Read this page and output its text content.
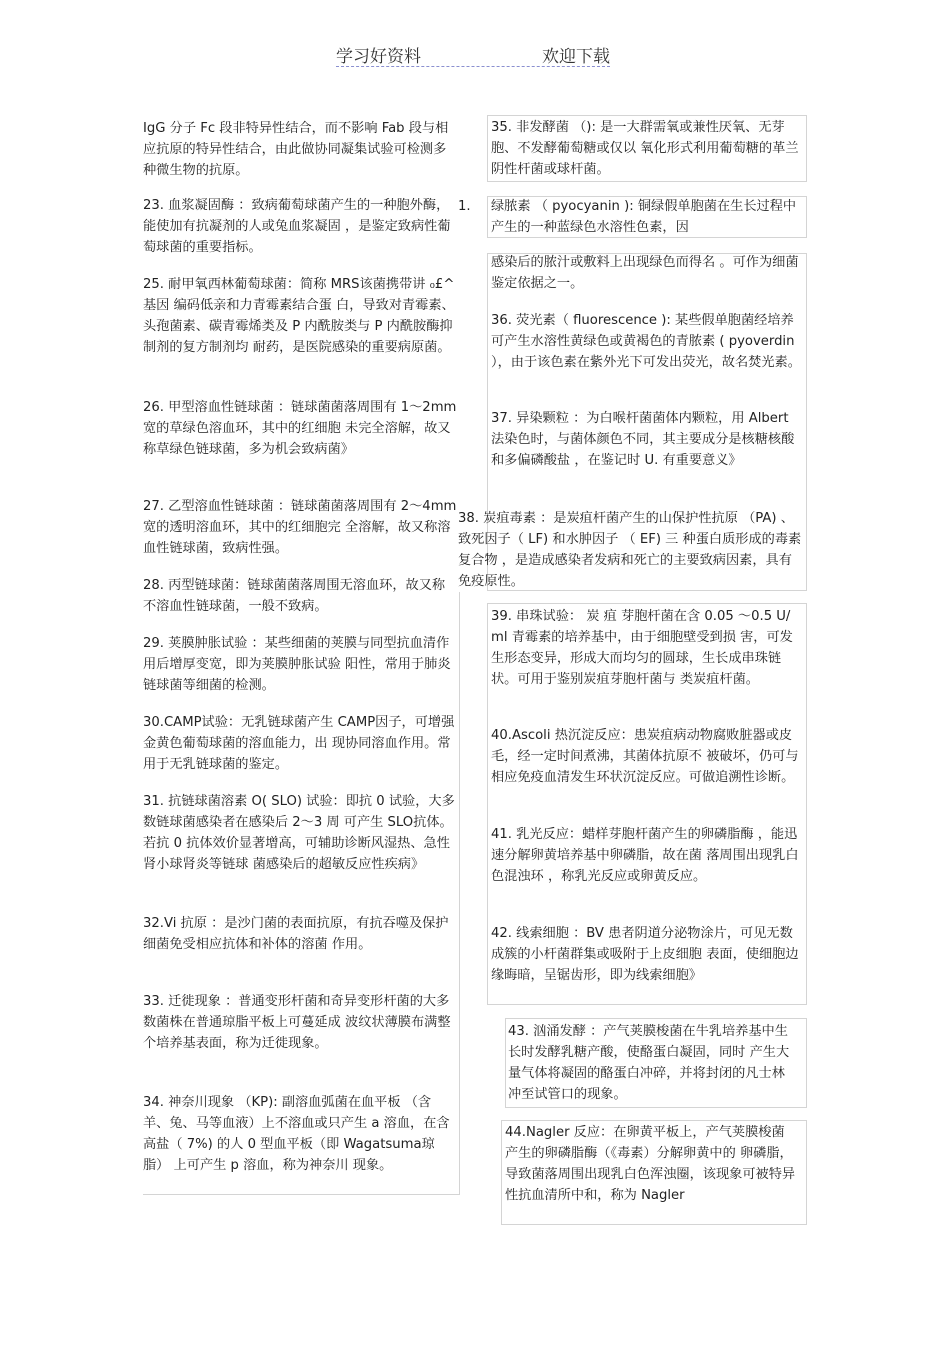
学习好资料	欢迎下载
IgG 分子 Fc 段非特异性结合，而不影响 Fab 段与相应抗原的特异性结合，由此做协同凝集试验可检测多种微生物的抗原。
23. 血浆凝固酶 ：致病葡萄球菌产生的一种胞外酶，能使加有抗凝剂的人或兔血浆凝固 ，是鉴定致病性葡萄球菌的重要指标。
25. 耐甲氧西林葡萄球菌：简称 MRS该菌携带讲 ₀£^基因 编码低亲和力青霉素结合蛋 白，导致对青霉素、头孢菌素、碳青霉烯类及 P 内酰胺类与 P 内酰胺酶抑制剂的复方制剂均 耐药，是医院感染的重要病原菌。
26. 甲型溶血性链球菌 ：链球菌菌落周围有 1～2mm宽的草绿色溶血环，其中的红细胞 未完全溶解，故又称草绿色链球菌，多为机会致病菌》
27. 乙型溶血性链球菌 ：链球菌菌落周围有 2～4mm宽的透明溶血环，其中的红细胞完 全溶解，故又称溶血性链球菌，致病性强。
28. 丙型链球菌：链球菌菌落周围无溶血环，故又称不溶血性链球菌，一般不致病。
29. 荚膜肿胀试验 ：某些细菌的荚膜与同型抗血清作用后增厚变宽，即为荚膜肿胀试验 阳性，常用于肺炎链球菌等细菌的检测。
30.CAMP试验：无乳链球菌产生 CAMP因子，可增强金黄色葡萄球菌的溶血能力，出 现协同溶血作用。常用于无乳链球菌的鉴定。
31. 抗链球菌溶素 O( SLO) 试验：即抗 0 试验，大多数链球菌感染者在感染后 2～3 周 可产生 SLO抗体。若抗 0 抗体效价显著增高，可辅助诊断风湿热、急性肾小球肾炎等链球 菌感染后的超敏反应性疾病》
32.Vi 抗原 ：是沙门菌的表面抗原，有抗吞噬及保护细菌免受相应抗体和补体的溶菌 作用。
33. 迁徙现象 ：普通变形杆菌和奇异变形杆菌的大多数菌株在普通琼脂平板上可蔓延成 波纹状薄膜布满整个培养基表面，称为迁徙现象。
34. 神奈川现象 （KP): 副溶血弧菌在血平板 （含羊、兔、马等血液）上不溶血或只产生 a 溶血，在含高盐（ 7%) 的人 0 型血平板（即 Wagatsuma琼脂） 上可产生 p 溶血，称为神奈川 现象。
35. 非发酵菌 （): 是一大群需氧或兼性厌氧、无芽胞、不发酵葡萄糖或仅以 氧化形式利用葡萄糖的革兰阴性杆菌或球杆菌。
1. 绿脓素 （ pyocyanin ): 铜绿假单胞菌在生长过程中产生的一种蓝绿色水溶性色素，因
感染后的脓汁或敷料上出现绿色而得名 。可作为细菌鉴定依据之一。
36. 荧光素（ fluorescence ): 某些假单胞菌经培养可产生水溶性黄绿色或黄褐色的青脓素 ( pyoverdin ），由于该色素在紫外光下可发出荧光，故名焚光素。
37. 异染颗粒 ：为白喉杆菌菌体内颗粒，用 Albert 法染色时，与菌体颜色不同，其主要成分是核糖核酸和多偏磷酸盐 ，在鉴记时 U. 有重要意义》
38. 炭疽毒素 ：是炭疽杆菌产生的山保护性抗原 （PA) 、致死因子（ LF) 和水肿因子 （ EF) 三 种蛋白质形成的毒素复合物 ，是造成感染者发病和死亡的主要致病因素，具有免疫原性。
39. 串珠试验： 炭 疽 芽胞杆菌在含 0.05 ～0.5 U/ ml 青霉素的培养基中，由于细胞壁受到损 害，可发生形态变异，形成大而均匀的圆球，生长成串珠链状。可用于鉴别炭疽芽胞杆菌与 类炭疽杆菌。
40.Ascoli 热沉淀反应：患炭疽病动物腐败脏器或皮毛，经一定时间煮沸，其菌体抗原不 被破坏，仍可与相应免疫血清发生环状沉淀反应。可做追溯性诊断。
41. 乳光反应：蜡样芽胞杆菌产生的卵磷脂酶 ，能迅速分解卵黄培养基中卵磷脂，故在菌 落周围出现乳白色混浊环 ，称乳光反应或卵黄反应。
42. 线索细胞 ：BV 患者阴道分泌物涂片，可见无数成簇的小杆菌群集或吸附于上皮细胞 表面，使细胞边缘晦暗，呈锯齿形，即为线索细胞》
43. 汹涌发酵 ：产气荚膜梭菌在牛乳培养基中生长时发酵乳糖产酸，使酪蛋白凝固，同时 产生大量气体将凝固的酪蛋白冲碎，并将封闭的凡士林冲至试管口的现象。
44.Nagler 反应：在卵黄平板上，产气荚膜梭菌产生的卵磷脂酶（《毒素）分解卵黄中的 卵磷脂，导致菌落周围出现乳白色浑浊圈，该现象可被特异性抗血清所中和，称为 Nagler
